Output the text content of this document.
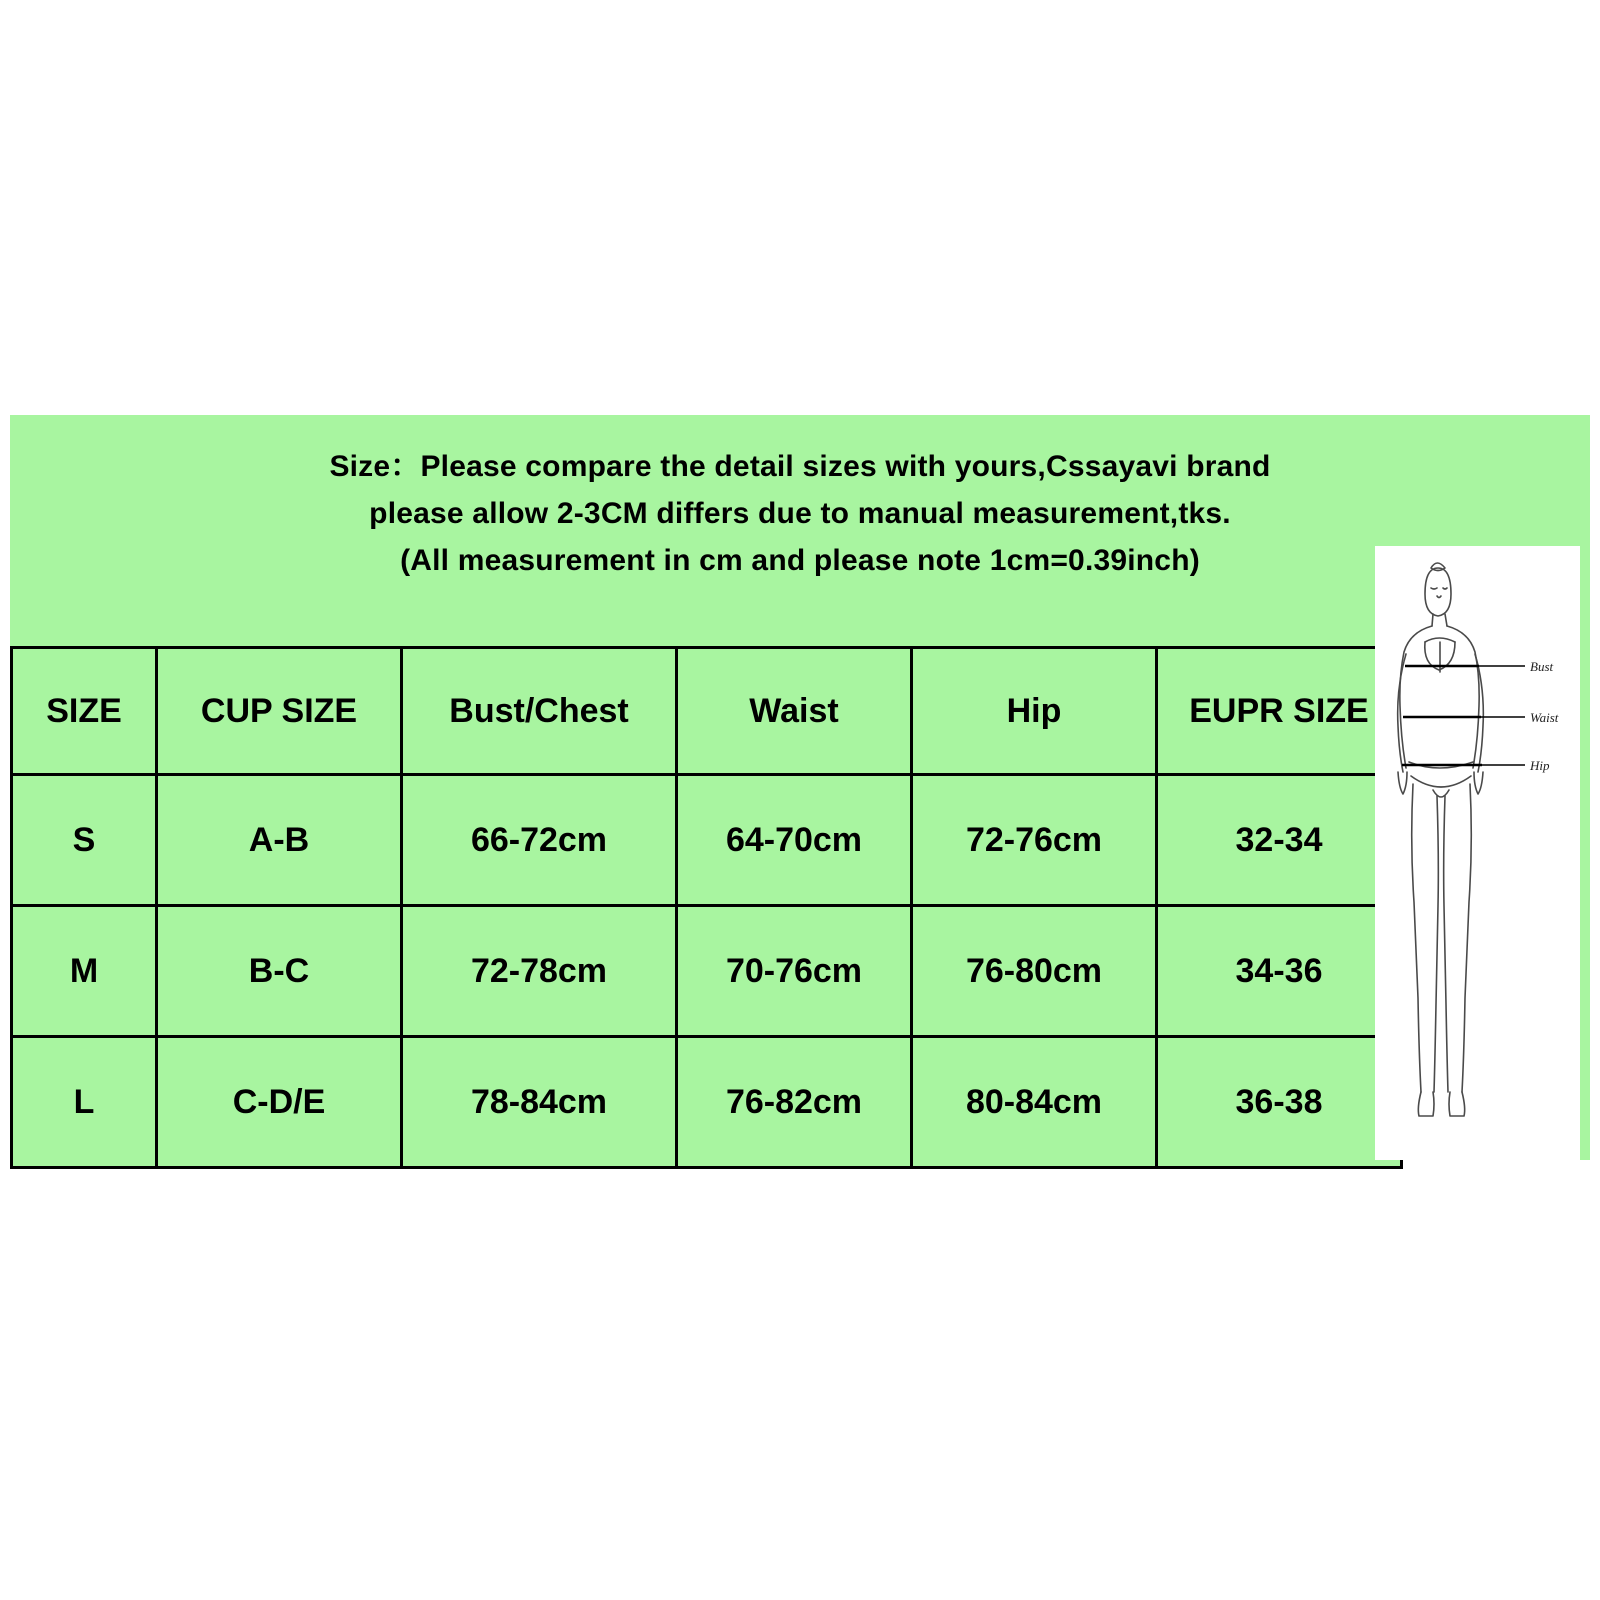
Size：Please compare the detail sizes with yours,Cssayavi brand
please allow 2-3CM differs due to manual measurement,tks.
(All measurement in cm and please note 1cm=0.39inch)
SIZE	CUP SIZE	Bust/Chest	Waist	Hip	EUPR SIZE
S	A-B	66-72cm	64-70cm	72-76cm	32-34
M	B-C	72-78cm	70-76cm	76-80cm	34-36
L	C-D/E	78-84cm	76-82cm	80-84cm	36-38
Bust
Waist
Hip
